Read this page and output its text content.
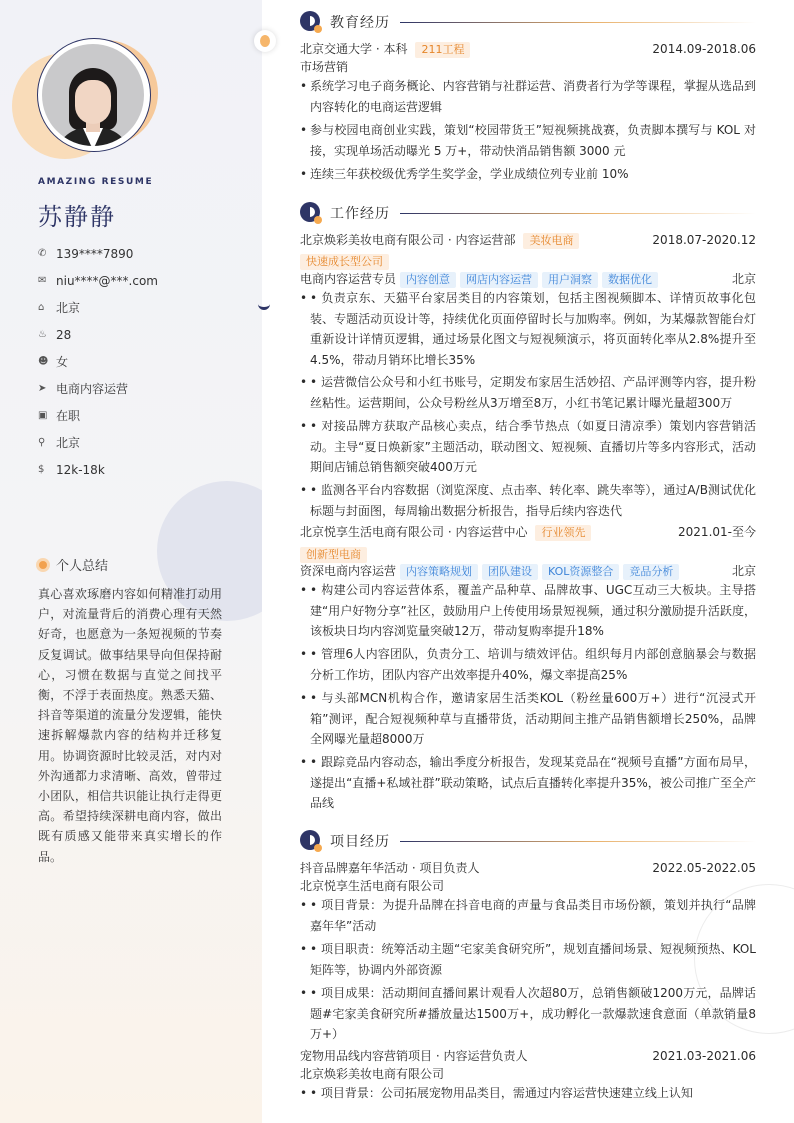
AMAZING RESUME
苏静静
✆ 139****7890
✉ niu****@***.com
⌂ 北京
♨ 28
☻ 女
➤ 电商内容运营
▣ 在职
⚲ 北京
$ 12k-18k
个人总结
真心喜欢琢磨内容如何精准打动用户，对流量背后的消费心理有天然好奇，也愿意为一条短视频的节奏反复调试。做事结果导向但保持耐心，习惯在数据与直觉之间找平衡，不浮于表面热度。熟悉天猫、抖音等渠道的流量分发逻辑，能快速拆解爆款内容的结构并迁移复用。协调资源时比较灵活，对内对外沟通都力求清晰、高效，曾带过小团队，相信共识能让执行走得更高。希望持续深耕电商内容，做出既有质感又能带来真实增长的作品。
教育经历
北京交通大学 · 本科 211工程	2014.09-2018.06
市场营销
• 系统学习电子商务概论、内容营销与社群运营、消费者行为学等课程，掌握从选品到内容转化的电商运营逻辑
• 参与校园电商创业实践，策划“校园带货王”短视频挑战赛，负责脚本撰写与 KOL 对接，实现单场活动曝光 5 万+，带动快消品销售额 3000 元
• 连续三年获校级优秀学生奖学金，学业成绩位列专业前 10%
工作经历
北京焕彩美妆电商有限公司 · 内容运营部 美妆电商	2018.07-2020.12
快速成长型公司
电商内容运营专员 内容创意 网店内容运营 用户洞察 数据优化	北京
• • 负责京东、天猫平台家居类目的内容策划，包括主图视频脚本、详情页故事化包装、专题活动页设计等，持续优化页面停留时长与加购率。例如，为某爆款智能台灯重新设计详情页逻辑，通过场景化图文与短视频演示，将页面转化率从2.8%提升至4.5%，带动月销环比增长35%
• • 运营微信公众号和小红书账号，定期发布家居生活妙招、产品评测等内容，提升粉丝粘性。运营期间，公众号粉丝从3万增至8万，小红书笔记累计曝光量超300万
• • 对接品牌方获取产品核心卖点，结合季节热点（如夏日清凉季）策划内容营销活动。主导“夏日焕新家”主题活动，联动图文、短视频、直播切片等多内容形式，活动期间店铺总销售额突破400万元
• • 监测各平台内容数据（浏览深度、点击率、转化率、跳失率等），通过A/B测试优化标题与封面图，每周输出数据分析报告，指导后续内容迭代
北京悦享生活电商有限公司 · 内容运营中心 行业领先	2021.01-至今
创新型电商
资深电商内容运营 内容策略规划 团队建设 KOL资源整合 竞品分析	北京
• • 构建公司内容运营体系，覆盖产品种草、品牌故事、UGC互动三大板块。主导搭建“用户好物分享”社区，鼓励用户上传使用场景短视频，通过积分激励提升活跃度，该板块日均内容浏览量突破12万，带动复购率提升18%
• • 管理6人内容团队，负责分工、培训与绩效评估。组织每月内部创意脑暴会与数据分析工作坊，团队内容产出效率提升40%，爆文率提高25%
• • 与头部MCN机构合作，邀请家居生活类KOL（粉丝量600万+）进行“沉浸式开箱”测评，配合短视频种草与直播带货，活动期间主推产品销售额增长250%，品牌全网曝光量超8000万
• • 跟踪竞品内容动态，输出季度分析报告，发现某竞品在“视频号直播”方面布局早，遂提出“直播+私域社群”联动策略，试点后直播转化率提升35%，被公司推广至全产品线
项目经历
抖音品牌嘉年华活动 · 项目负责人	2022.05-2022.05
北京悦享生活电商有限公司
• • 项目背景：为提升品牌在抖音电商的声量与食品类目市场份额，策划并执行“品牌嘉年华”活动
• • 项目职责：统筹活动主题“宅家美食研究所”，规划直播间场景、短视频预热、KOL矩阵等，协调内外部资源
• • 项目成果：活动期间直播间累计观看人次超80万，总销售额破1200万元，品牌话题#宅家美食研究所#播放量达1500万+，成功孵化一款爆款速食意面（单款销量8万+）
宠物用品线内容营销项目 · 内容运营负责人	2021.03-2021.06
北京焕彩美妆电商有限公司
• • 项目背景：公司拓展宠物用品类目，需通过内容运营快速建立线上认知
